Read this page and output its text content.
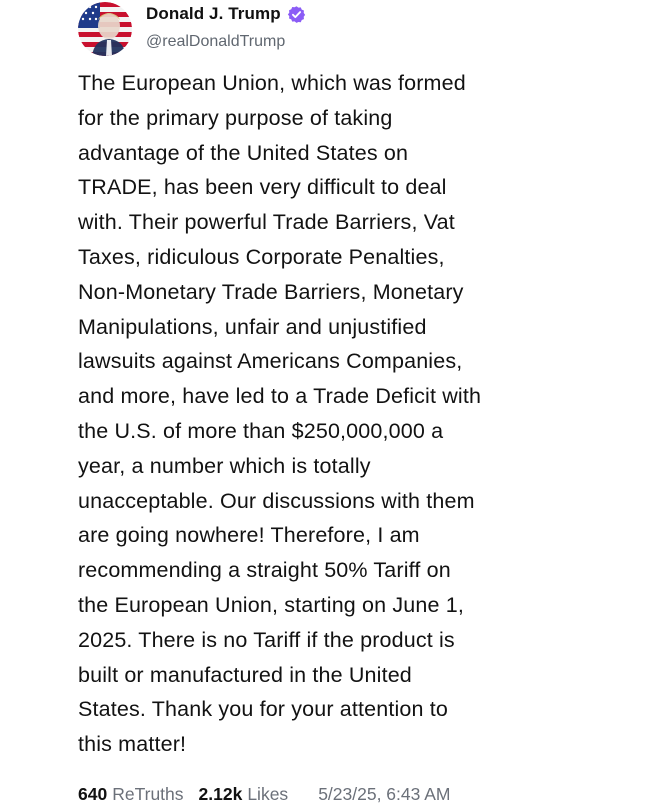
Donald J. Trump
@realDonaldTrump
The European Union, which was formed
for the primary purpose of taking
advantage of the United States on
TRADE, has been very difficult to deal
with. Their powerful Trade Barriers, Vat
Taxes, ridiculous Corporate Penalties,
Non-Monetary Trade Barriers, Monetary
Manipulations, unfair and unjustified
lawsuits against Americans Companies,
and more, have led to a Trade Deficit with
the U.S. of more than $250,000,000 a
year, a number which is totally
unacceptable. Our discussions with them
are going nowhere! Therefore, I am
recommending a straight 50% Tariff on
the European Union, starting on June 1,
2025. There is no Tariff if the product is
built or manufactured in the United
States. Thank you for your attention to
this matter!
640 ReTruths 2.12k Likes 5/23/25, 6:43 AM
